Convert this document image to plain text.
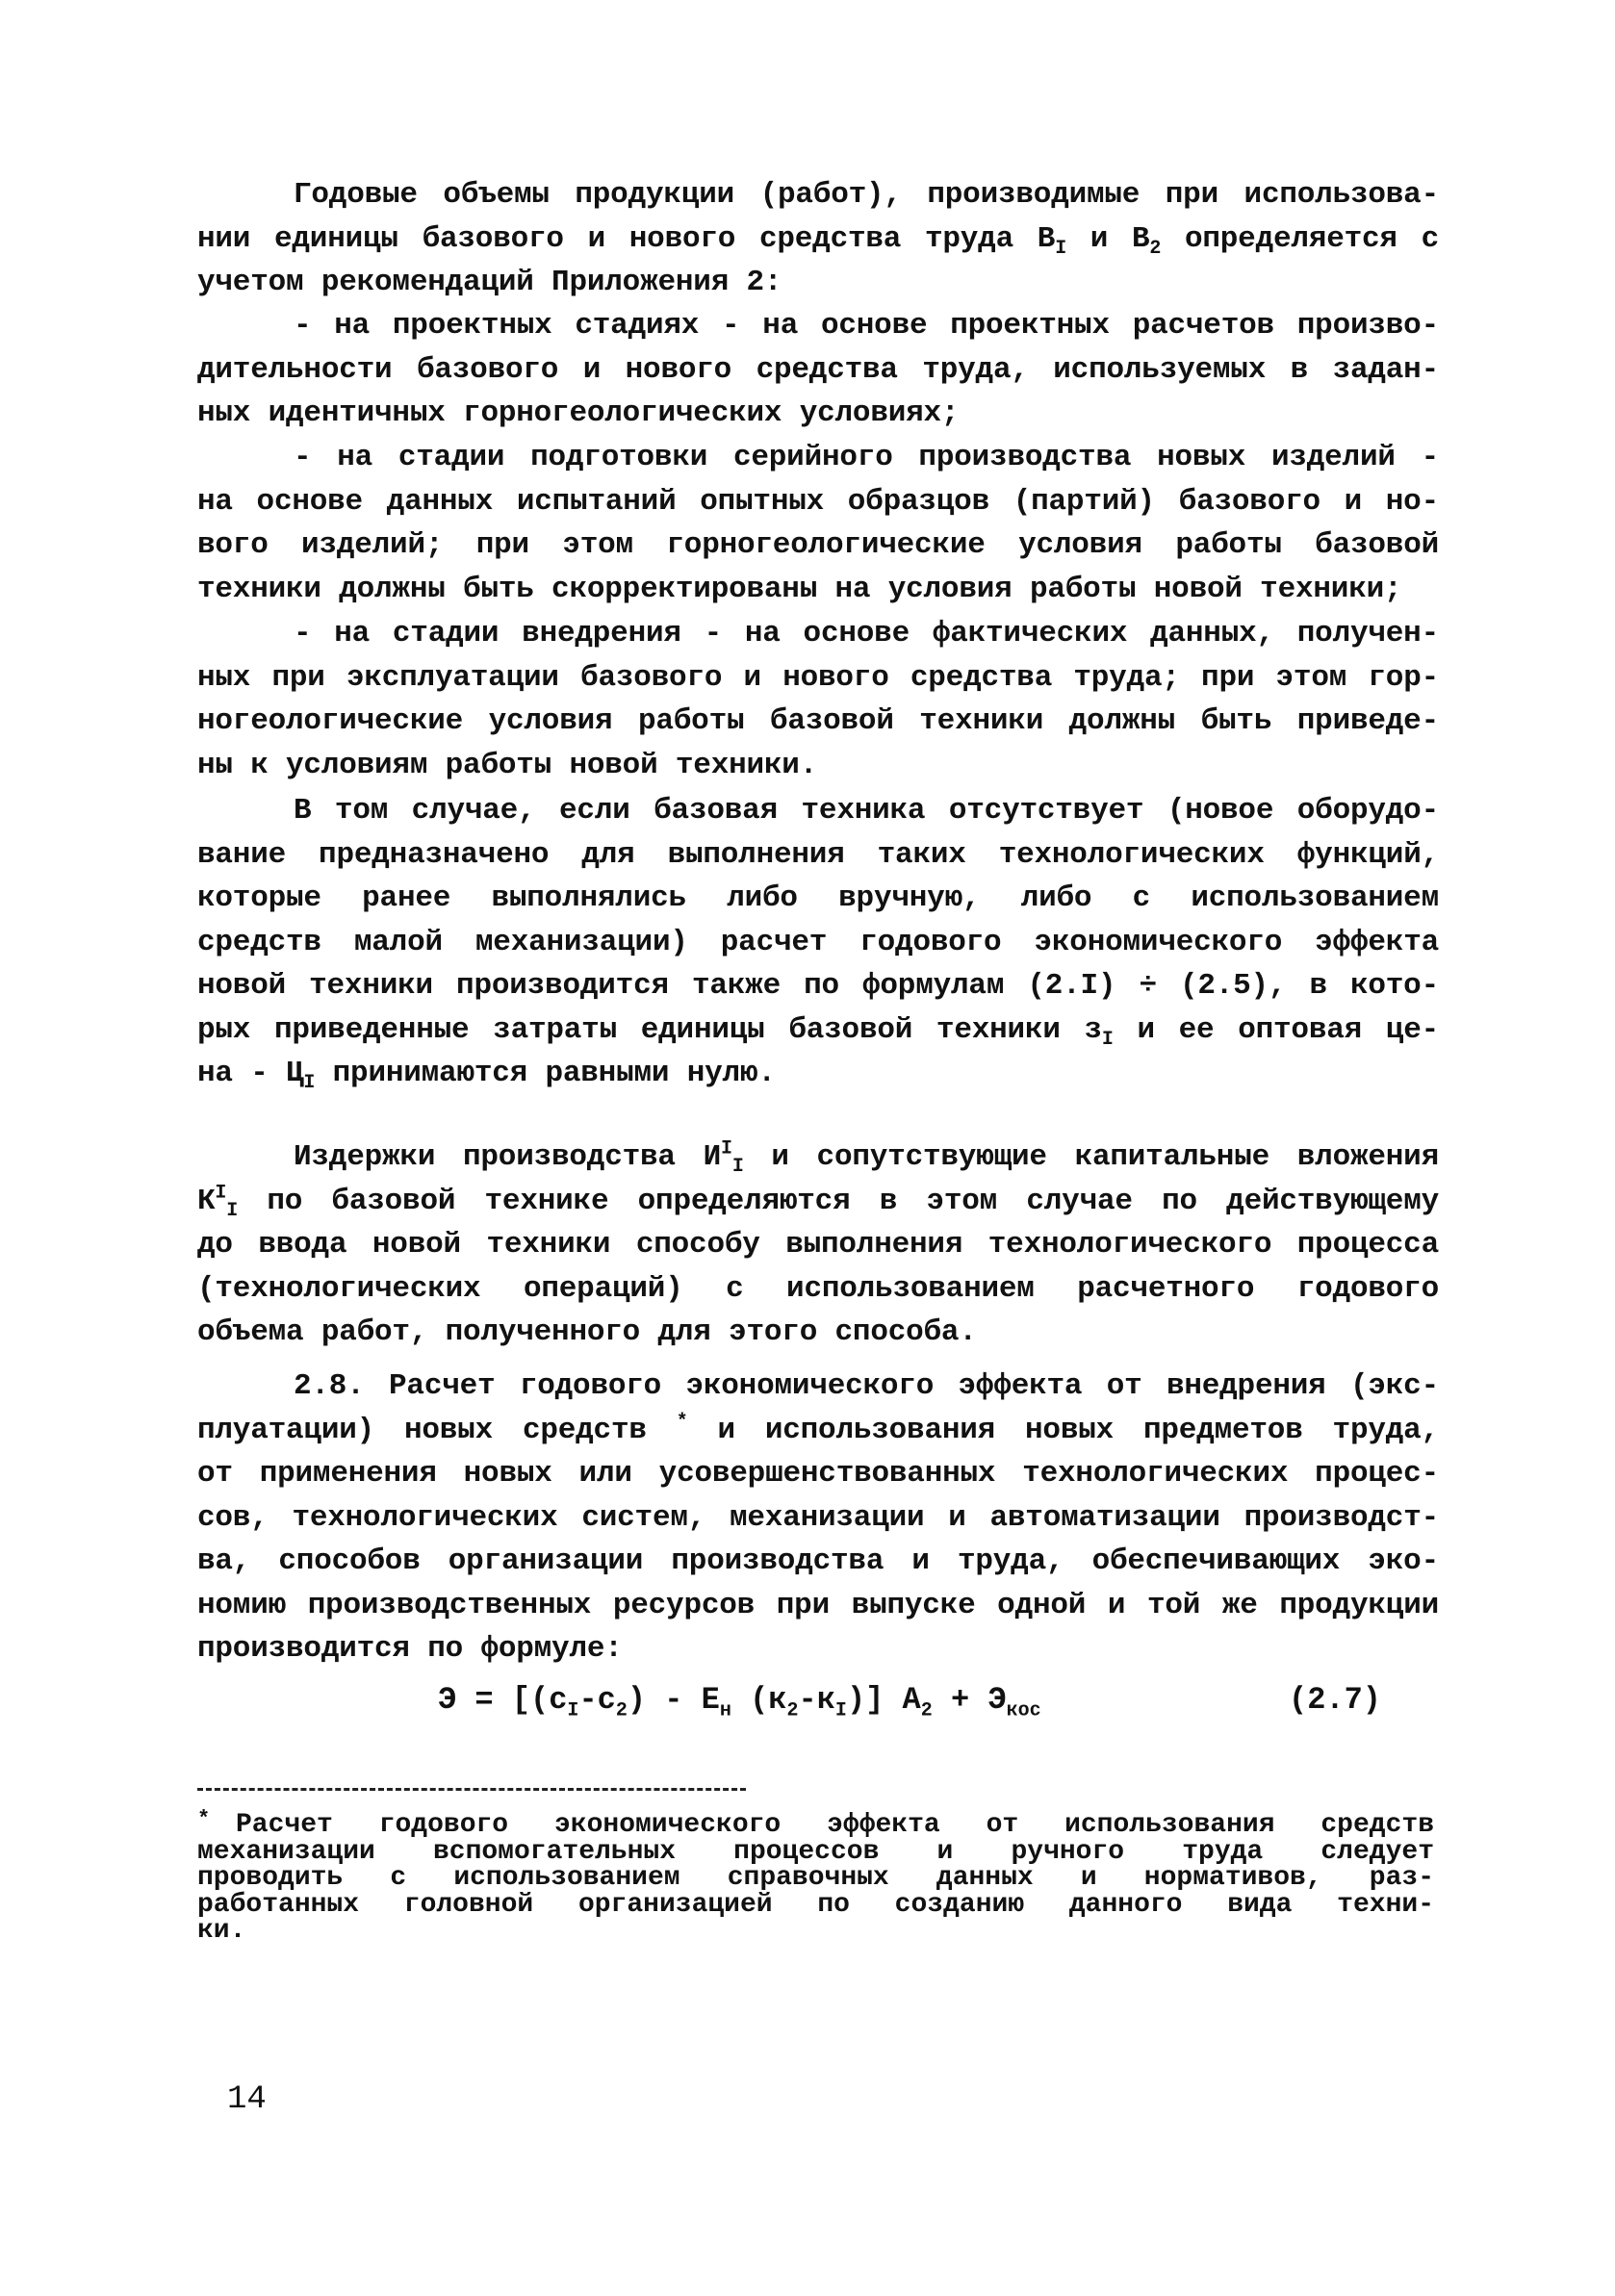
Годовые объемы продукции (работ), производимые при использова-
нии единицы базового и нового средства труда $В_I$ и $В_2$ определяется с
учетом рекомендаций Приложения 2:
- на проектных стадиях - на основе проектных расчетов произво-
дительности базового и нового средства труда, используемых в задан-
ных идентичных горногеологических условиях;
- на стадии подготовки серийного производства новых изделий -
на основе данных испытаний опытных образцов (партий) базового и но-
вого изделий; при этом горногеологические условия работы базовой
техники должны быть скорректированы на условия работы новой техники;
- на стадии внедрения - на основе фактических данных, получен-
ных при эксплуатации базового и нового средства труда; при этом гор-
ногеологические условия работы базовой техники должны быть приведе-
ны к условиям работы новой техники.
В том случае, если базовая техника отсутствует (новое оборудо-
вание предназначено для выполнения таких технологических функций,
которые ранее выполнялись либо вручную, либо с использованием
средств малой механизации) расчет годового экономического эффекта
новой техники производится также по формулам (2.I) ÷ (2.5), в кото-
рых приведенные затраты единицы базовой техники $з_I$ и ее оптовая це-
на - $Ц_I$ принимаются равными нулю.
Издержки производства $И^I_I$ и сопутствующие капитальные вложения
$К^I_I$ по базовой технике определяются в этом случае по действующему
до ввода новой техники способу выполнения технологического процесса
(технологических операций) с использованием расчетного годового
объема работ, полученного для этого способа.
2.8. Расчет годового экономического эффекта от внедрения (экс-
плуатации) новых средств * и использования новых предметов труда,
от применения новых или усовершенствованных технологических процес-
сов, технологических систем, механизации и автоматизации производст-
ва, способов организации производства и труда, обеспечивающих эко-
номию производственных ресурсов при выпуске одной и той же продукции
производится по формуле:
$Э = [(с_I-с_2) - Е_н$ $(к_2-к_I)$] $А_2 + Э_{кос}$	(2.7)
* Расчет годового экономического эффекта от использования средств
механизации вспомогательных процессов и ручного труда следует
проводить с использованием справочных данных и нормативов, раз-
работанных головной организацией по созданию данного вида техни-
ки.
14
